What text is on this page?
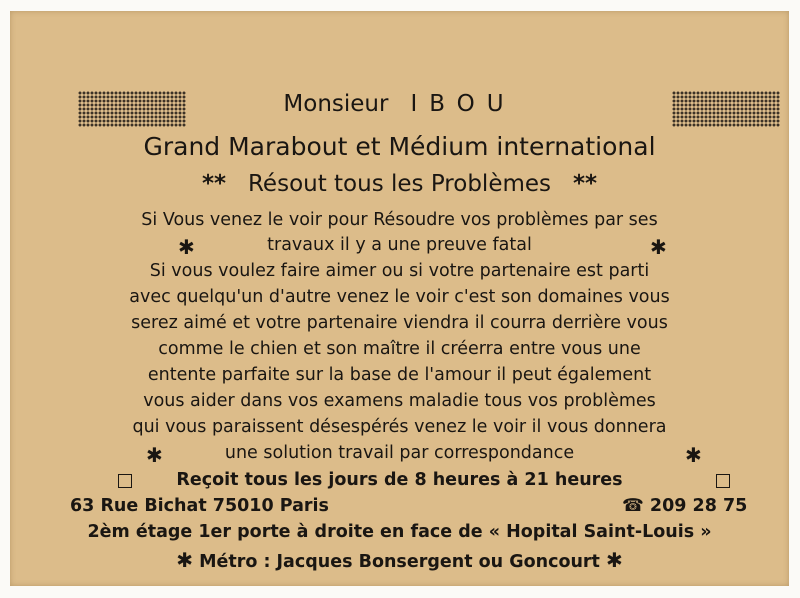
Monsieur IBOU
Grand Marabout et Médium international
** Résout tous les Problèmes **
Si Vous venez le voir pour Résoudre vos problèmes par ses
✱	travaux il y a une preuve fatal	✱
Si vous voulez faire aimer ou si votre partenaire est parti
avec quelqu'un d'autre venez le voir c'est son domaines vous
serez aimé et votre partenaire viendra il courra derrière vous
comme le chien et son maître il créerra entre vous une
entente parfaite sur la base de l'amour il peut également
vous aider dans vos examens maladie tous vos problèmes
qui vous paraissent désespérés venez le voir il vous donnera
✱	une solution travail par correspondance	✱
Reçoit tous les jours de 8 heures à 21 heures
63 Rue Bichat 75010 Paris	☎ 209 28 75
2èm étage 1er porte à droite en face de « Hopital Saint-Louis »
✱ Métro : Jacques Bonsergent ou Goncourt ✱
